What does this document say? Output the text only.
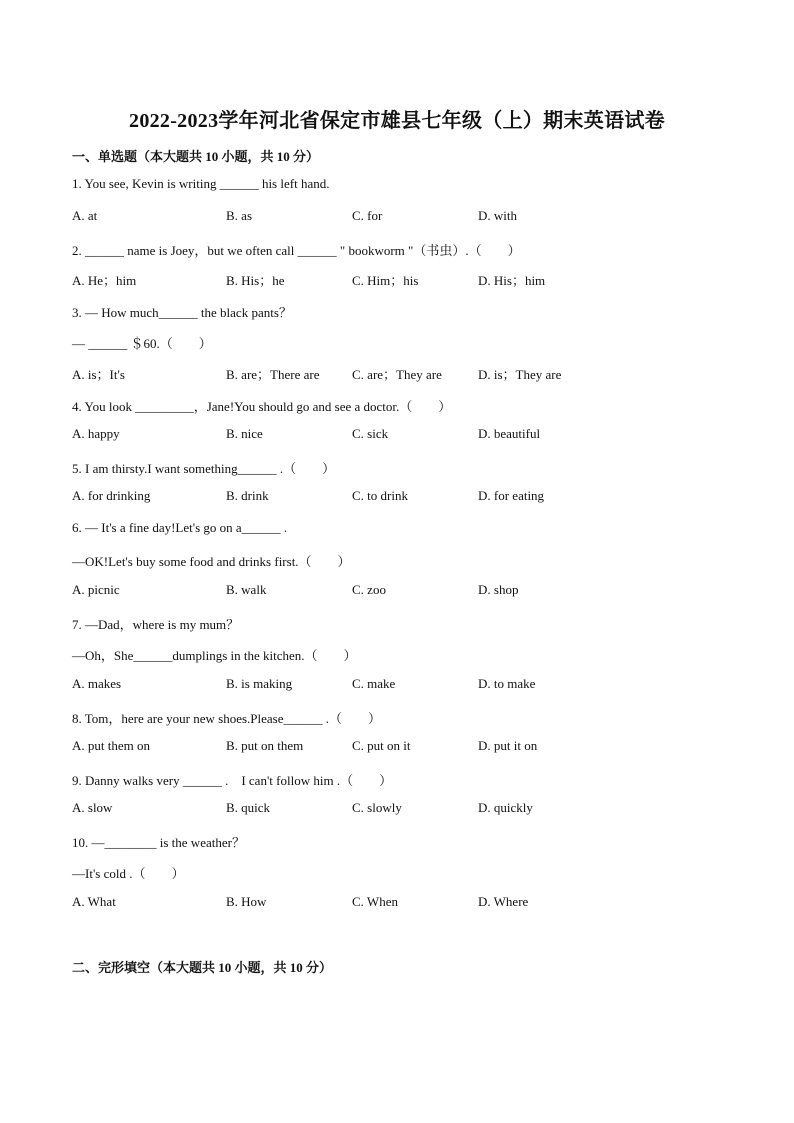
2022-2023学年河北省保定市雄县七年级（上）期末英语试卷
一、单选题（本大题共 10 小题，共 10 分）
1. You see, Kevin is writing ______ his left hand.
A. at	B. as	C. for	D. with
2. ______ name is Joey，but we often call ______ " bookworm "（书虫）.（　　）
A. He；him	B. His；he	C. Him；his	D. His；him
3. — How much______ the black pants？
— ______ ＄60.（　　）
A. is；It's	B. are；There are	C. are；They are	D. is；They are
4. You look _________，Jane!You should go and see a doctor.（　　）
A. happy	B. nice	C. sick	D. beautiful
5. I am thirsty.I want something______ .（　　）
A. for drinking	B. drink	C. to drink	D. for eating
6. — It's a fine day!Let's go on a______ .
—OK!Let's buy some food and drinks first.（　　）
A. picnic	B. walk	C. zoo	D. shop
7. —Dad，where is my mum？
—Oh，She______dumplings in the kitchen.（　　）
A. makes	B. is making	C. make	D. to make
8. Tom，here are your new shoes.Please______ .（　　）
A. put them on	B. put on them	C. put on it	D. put it on
9. Danny walks very ______ .　I can't follow him .（　　）
A. slow	B. quick	C. slowly	D. quickly
10. —________ is the weather？
—It's cold .（　　）
A. What	B. How	C. When	D. Where
二、完形填空（本大题共 10 小题，共 10 分）
